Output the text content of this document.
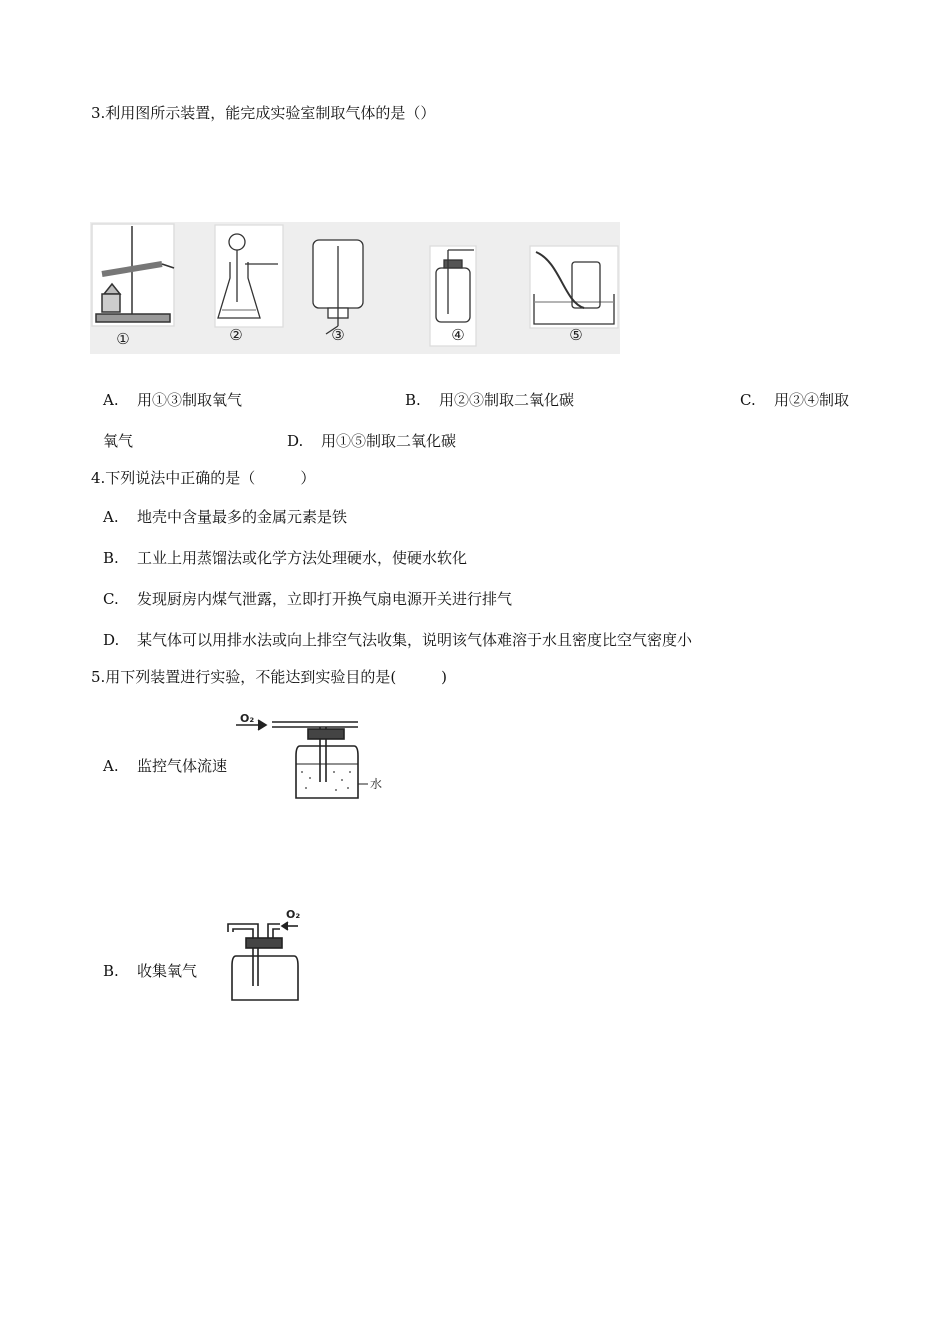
3.利用图所示装置，能完成实验室制取气体的是（）
①	②	③	④	⑤
A. 用①③制取氧气	B. 用②③制取二氧化碳	C. 用②④制取
氧气	D. 用①⑤制取二氧化碳
4.下列说法中正确的是（　　　）
A. 地壳中含量最多的金属元素是铁
B. 工业上用蒸馏法或化学方法处理硬水，使硬水软化
C. 发现厨房内煤气泄露，立即打开换气扇电源开关进行排气
D. 某气体可以用排水法或向上排空气法收集，说明该气体难溶于水且密度比空气密度小
5.用下列装置进行实验，不能达到实验目的是(　　　)
A. 监控气体流速
O₂
水
B. 收集氧气
O₂
